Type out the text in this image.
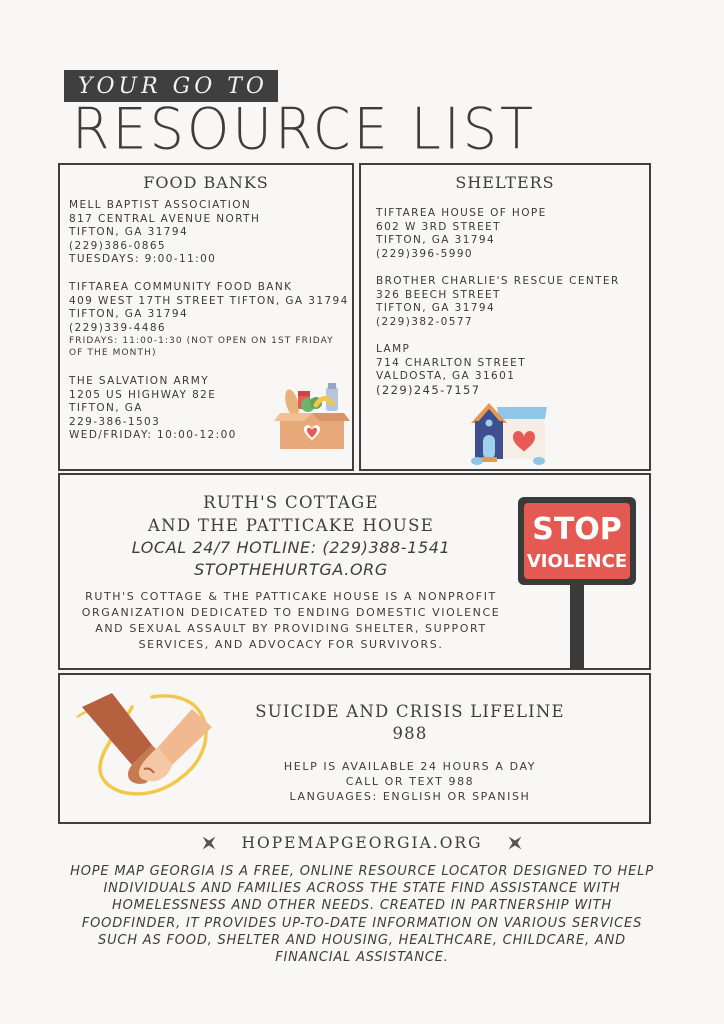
YOUR GO TO
RESOURCE LIST
FOOD BANKS
MELL BAPTIST ASSOCIATION
817 CENTRAL AVENUE NORTH
TIFTON, GA 31794
(229)386-0865
TUESDAYS: 9:00-11:00
TIFTAREA COMMUNITY FOOD BANK
409 WEST 17TH STREET TIFTON, GA 31794
TIFTON, GA 31794
(229)339-4486
FRIDAYS: 11:00-1:30 (NOT OPEN ON 1ST FRIDAY OF THE MONTH)
THE SALVATION ARMY
1205 US HIGHWAY 82E
TIFTON, GA
229-386-1503
WED/FRIDAY: 10:00-12:00
SHELTERS
TIFTAREA HOUSE OF HOPE
602 W 3RD STREET
TIFTON, GA 31794
(229)396-5990
BROTHER CHARLIE'S RESCUE CENTER
326 BEECH STREET
TIFTON, GA 31794
(229)382-0577
LAMP
714 CHARLTON STREET
VALDOSTA, GA 31601
(229)245-7157
RUTH'S COTTAGE
AND THE PATTICAKE HOUSE
LOCAL 24/7 HOTLINE: (229)388-1541
STOPTHEHURTGA.ORG
RUTH'S COTTAGE & THE PATTICAKE HOUSE IS A NONPROFIT ORGANIZATION DEDICATED TO ENDING DOMESTIC VIOLENCE AND SEXUAL ASSAULT BY PROVIDING SHELTER, SUPPORT SERVICES, AND ADVOCACY FOR SURVIVORS.
STOP
VIOLENCE
SUICIDE AND CRISIS LIFELINE
988
HELP IS AVAILABLE 24 HOURS A DAY
CALL OR TEXT 988
LANGUAGES: ENGLISH OR SPANISH
HOPEMAPGEORGIA.ORG
HOPE MAP GEORGIA IS A FREE, ONLINE RESOURCE LOCATOR DESIGNED TO HELP INDIVIDUALS AND FAMILIES ACROSS THE STATE FIND ASSISTANCE WITH HOMELESSNESS AND OTHER NEEDS. CREATED IN PARTNERSHIP WITH FOODFINDER, IT PROVIDES UP-TO-DATE INFORMATION ON VARIOUS SERVICES SUCH AS FOOD, SHELTER AND HOUSING, HEALTHCARE, CHILDCARE, AND FINANCIAL ASSISTANCE.
